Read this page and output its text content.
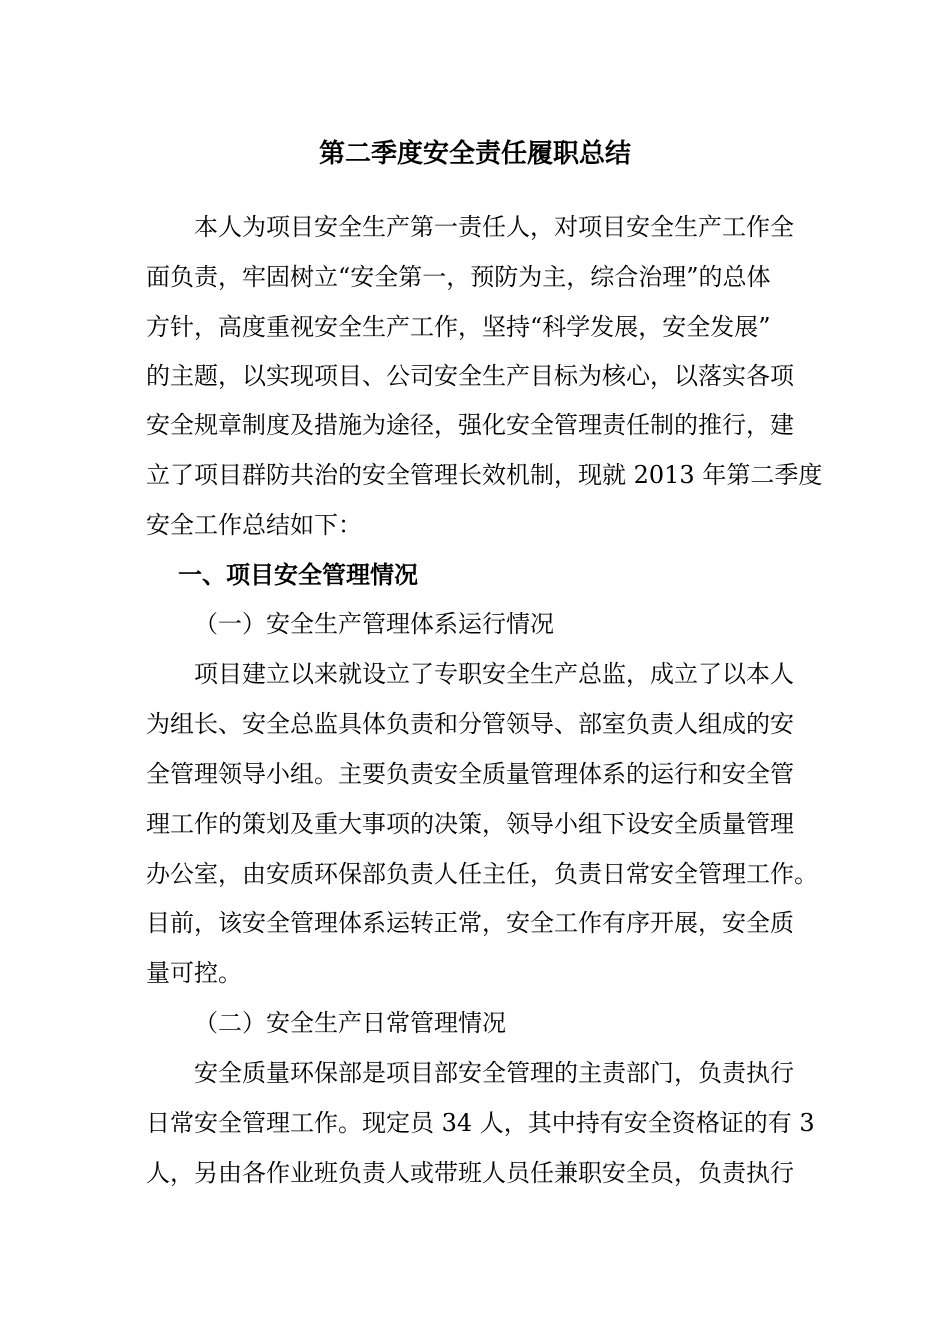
第二季度安全责任履职总结

本人为项目安全生产第一责任人，对项目安全生产工作全

面负责，牢固树立“安全第一，预防为主，综合治理”的总体

方针，高度重视安全生产工作，坚持“科学发展，安全发展”

的主题，以实现项目、公司安全生产目标为核心，以落实各项

安全规章制度及措施为途径，强化安全管理责任制的推行，建

立了项目群防共治的安全管理长效机制，现就 2013 年第二季度

安全工作总结如下：

一、项目安全管理情况

（一）安全生产管理体系运行情况

项目建立以来就设立了专职安全生产总监，成立了以本人

为组长、安全总监具体负责和分管领导、部室负责人组成的安

全管理领导小组。主要负责安全质量管理体系的运行和安全管

理工作的策划及重大事项的决策，领导小组下设安全质量管理

办公室，由安质环保部负责人任主任，负责日常安全管理工作。

目前，该安全管理体系运转正常，安全工作有序开展，安全质

量可控。

（二）安全生产日常管理情况

安全质量环保部是项目部安全管理的主责部门，负责执行

日常安全管理工作。现定员 34 人，其中持有安全资格证的有 3

人，另由各作业班负责人或带班人员任兼职安全员，负责执行
